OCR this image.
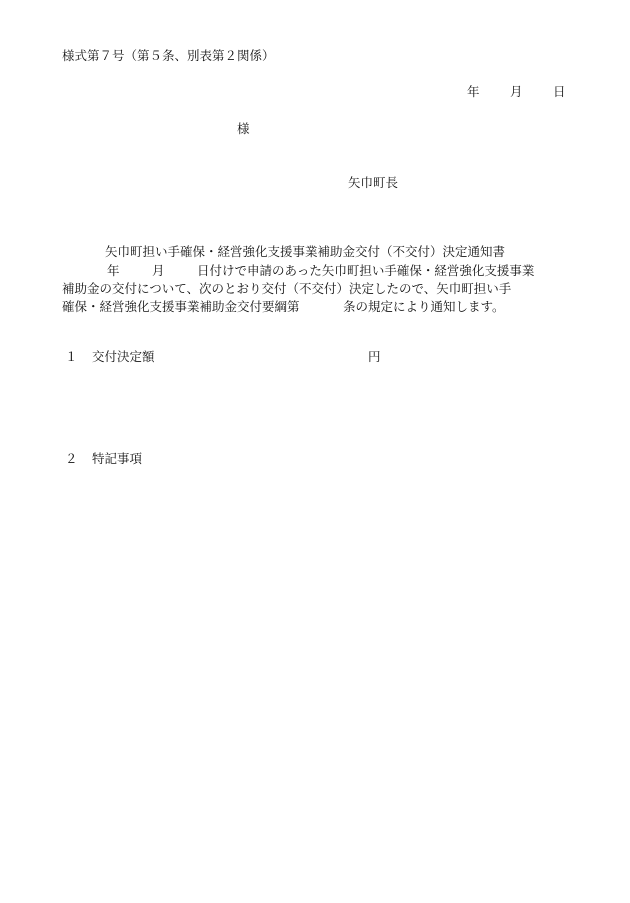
様式第７号（第５条、別表第２関係）
年 月 日
様
矢巾町長
矢巾町担い手確保・経営強化支援事業補助金交付（不交付）決定通知書
年	月	日付けで申請のあった矢巾町担い手確保・経営強化支援事業
補助金の交付について、次のとおり交付（不交付）決定したので、矢巾町担い手
確保・経営強化支援事業補助金交付要綱第	条の規定により通知します。
１ 交付決定額	円
２ 特記事項
